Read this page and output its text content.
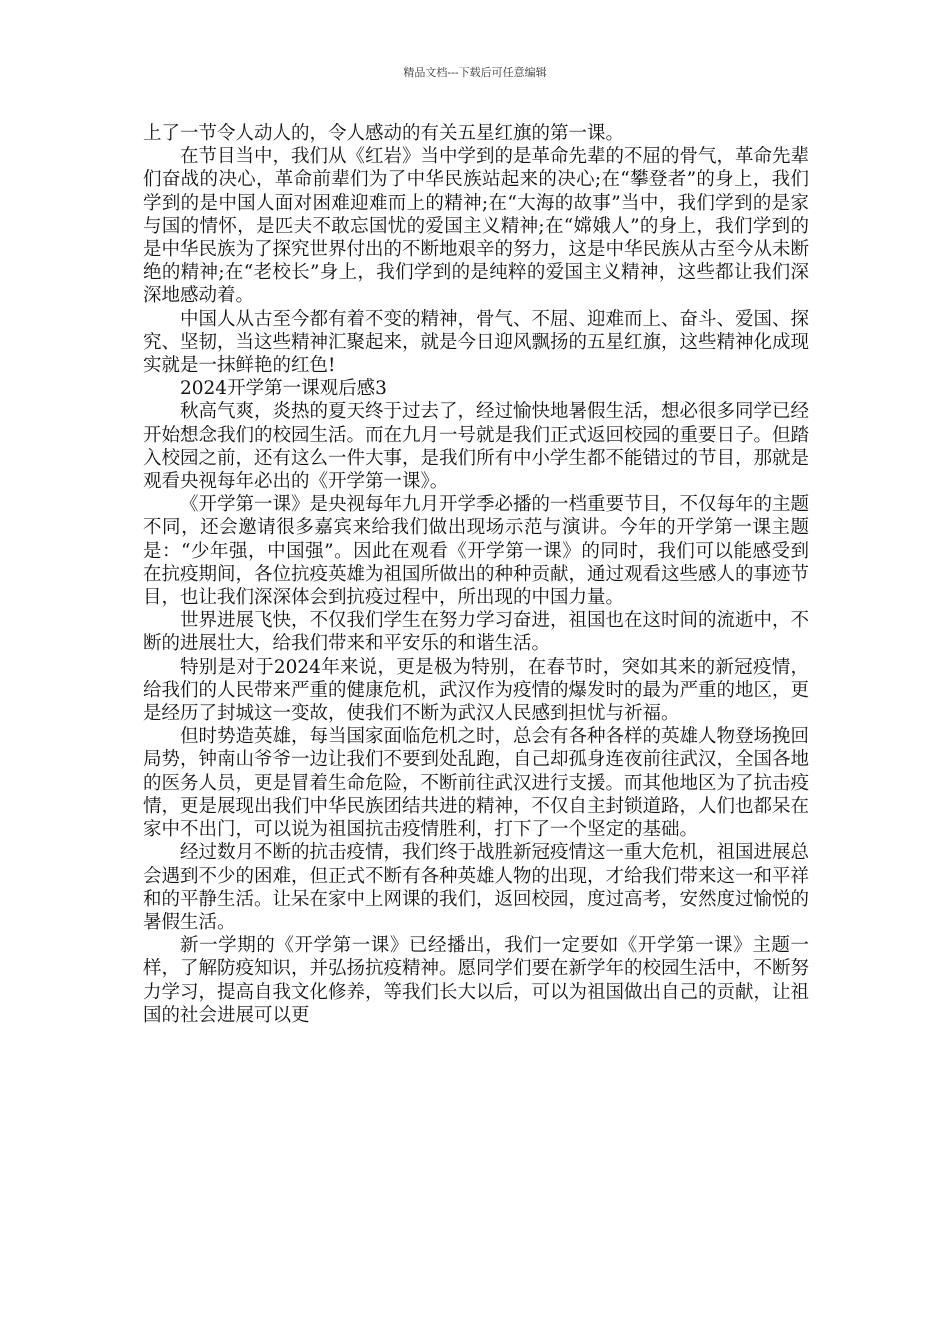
精品文档---下载后可任意编辑

上了一节令人动人的，令人感动的有关五星红旗的第一课。

在节目当中，我们从《红岩》当中学到的是革命先辈的不屈的骨气，革命先辈们奋战的决心，革命前辈们为了中华民族站起来的决心;在“攀登者”的身上，我们学到的是中国人面对困难迎难而上的精神;在“大海的故事”当中，我们学到的是家与国的情怀，是匹夫不敢忘国忧的爱国主义精神;在“嫦娥人”的身上，我们学到的是中华民族为了探究世界付出的不断地艰辛的努力，这是中华民族从古至今从未断绝的精神;在“老校长”身上，我们学到的是纯粹的爱国主义精神，这些都让我们深深地感动着。

中国人从古至今都有着不变的精神，骨气、不屈、迎难而上、奋斗、爱国、探究、坚韧，当这些精神汇聚起来，就是今日迎风飘扬的五星红旗，这些精神化成现实就是一抹鲜艳的红色!

2024开学第一课观后感3

秋高气爽，炎热的夏天终于过去了，经过愉快地暑假生活，想必很多同学已经开始想念我们的校园生活。而在九月一号就是我们正式返回校园的重要日子。但踏入校园之前，还有这么一件大事，是我们所有中小学生都不能错过的节目，那就是观看央视每年必出的《开学第一课》。

《开学第一课》是央视每年九月开学季必播的一档重要节目，不仅每年的主题不同，还会邀请很多嘉宾来给我们做出现场示范与演讲。今年的开学第一课主题是：“少年强，中国强”。因此在观看《开学第一课》的同时，我们可以能感受到在抗疫期间，各位抗疫英雄为祖国所做出的种种贡献，通过观看这些感人的事迹节目，也让我们深深体会到抗疫过程中，所出现的中国力量。

世界进展飞快，不仅我们学生在努力学习奋进，祖国也在这时间的流逝中，不断的进展壮大，给我们带来和平安乐的和谐生活。

特别是对于2024年来说，更是极为特别，在春节时，突如其来的新冠疫情，给我们的人民带来严重的健康危机，武汉作为疫情的爆发时的最为严重的地区，更是经历了封城这一变故，使我们不断为武汉人民感到担忧与祈福。

但时势造英雄，每当国家面临危机之时，总会有各种各样的英雄人物登场挽回局势，钟南山爷爷一边让我们不要到处乱跑，自己却孤身连夜前往武汉，全国各地的医务人员，更是冒着生命危险，不断前往武汉进行支援。而其他地区为了抗击疫情，更是展现出我们中华民族团结共进的精神，不仅自主封锁道路，人们也都呆在家中不出门，可以说为祖国抗击疫情胜利，打下了一个坚定的基础。

经过数月不断的抗击疫情，我们终于战胜新冠疫情这一重大危机，祖国进展总会遇到不少的困难，但正式不断有各种英雄人物的出现，才给我们带来这一和平祥和的平静生活。让呆在家中上网课的我们，返回校园，度过高考，安然度过愉悦的暑假生活。

新一学期的《开学第一课》已经播出，我们一定要如《开学第一课》主题一样，了解防疫知识，并弘扬抗疫精神。愿同学们要在新学年的校园生活中，不断努力学习，提高自我文化修养，等我们长大以后，可以为祖国做出自己的贡献，让祖国的社会进展可以更
